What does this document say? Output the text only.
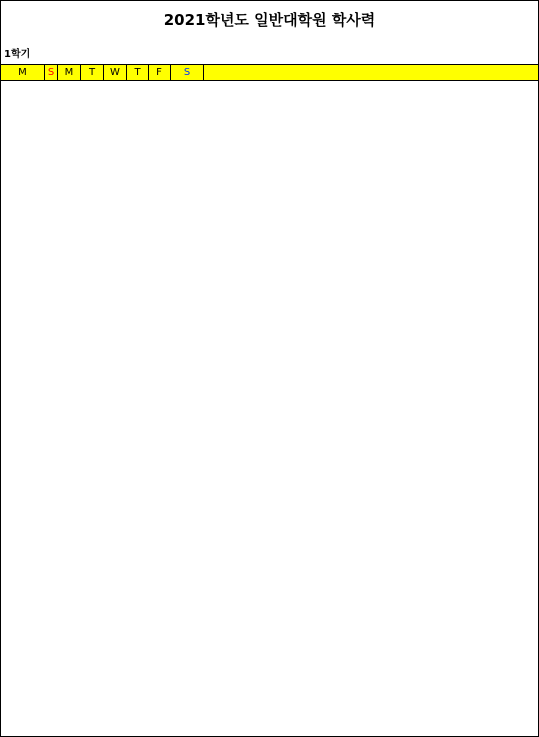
2021학년도 일반대학원 학사력
1학기
M	S	M	T	W	T	F	S
